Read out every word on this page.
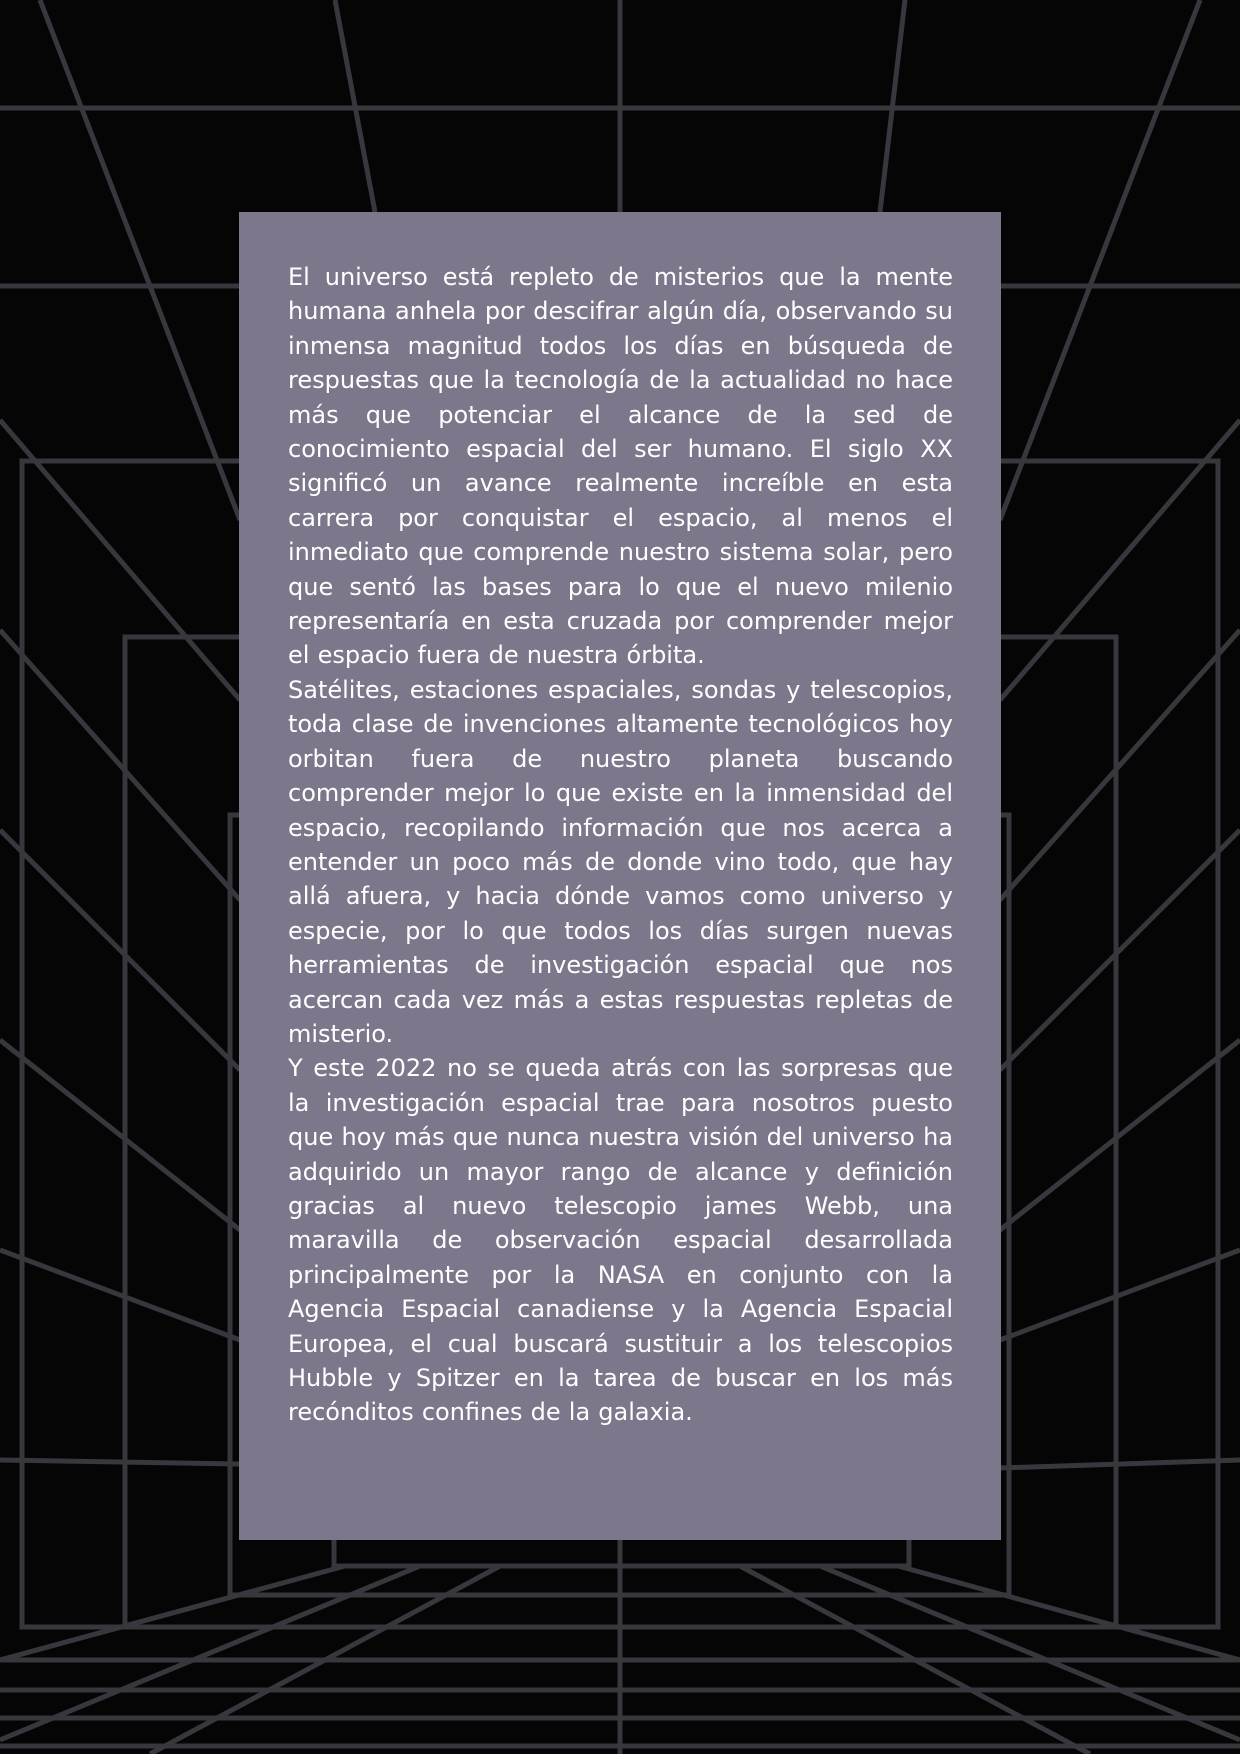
El universo está repleto de misterios que la mente humana anhela por descifrar algún día, observando su inmensa magnitud todos los días en búsqueda de respuestas que la tecnología de la actualidad no hace más que potenciar el alcance de la sed de conocimiento espacial del ser humano. El siglo XX significó un avance realmente increíble en esta carrera por conquistar el espacio, al menos el inmediato que comprende nuestro sistema solar, pero que sentó las bases para lo que el nuevo milenio representaría en esta cruzada por comprender mejor el espacio fuera de nuestra órbita.

Satélites, estaciones espaciales, sondas y telescopios, toda clase de invenciones altamente tecnológicos hoy orbitan fuera de nuestro planeta buscando comprender mejor lo que existe en la inmensidad del espacio, recopilando información que nos acerca a entender un poco más de donde vino todo, que hay allá afuera, y hacia dónde vamos como universo y especie, por lo que todos los días surgen nuevas herramientas de investigación espacial que nos acercan cada vez más a estas respuestas repletas de misterio.

Y este 2022 no se queda atrás con las sorpresas que la investigación espacial trae para nosotros puesto que hoy más que nunca nuestra visión del universo ha adquirido un mayor rango de alcance y definición gracias al nuevo telescopio james Webb, una maravilla de observación espacial desarrollada principalmente por la NASA en conjunto con la Agencia Espacial canadiense y la Agencia Espacial Europea, el cual buscará sustituir a los telescopios Hubble y Spitzer en la tarea de buscar en los más recónditos confines de la galaxia.
